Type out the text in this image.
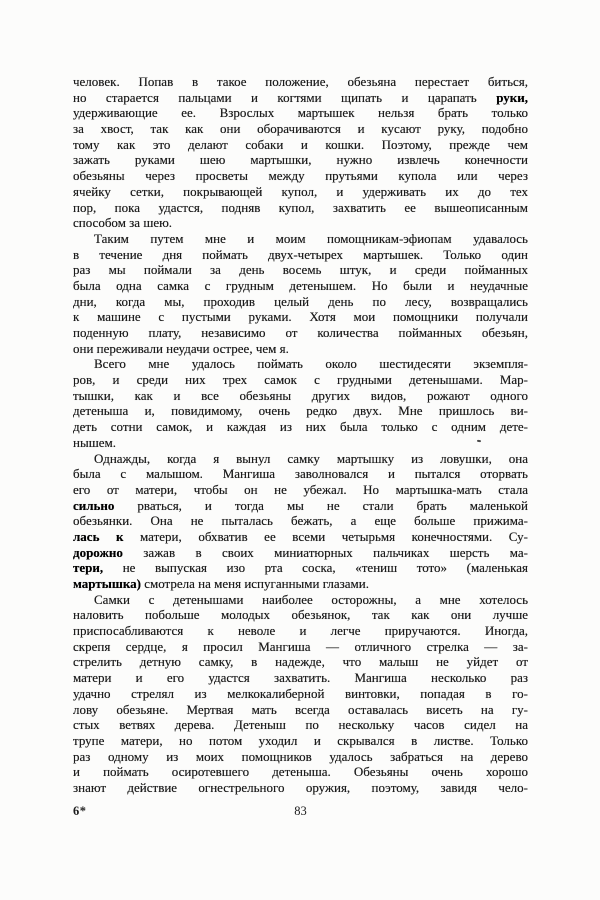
человек. Попав в такое положение, обезьяна перестает биться,
но старается пальцами и когтями щипать и царапать руки,
удерживающие ее. Взрослых мартышек нельзя брать только
за хвост, так как они оборачиваются и кусают руку, подобно
тому как это делают собаки и кошки. Поэтому, прежде чем
зажать руками шею мартышки, нужно извлечь конечности
обезьяны через просветы между прутьями купола или через
ячейку сетки, покрывающей купол, и удерживать их до тех
пор, пока удастся, подняв купол, захватить ее вышеописанным
способом за шею.
Таким путем мне и моим помощникам-эфиопам удавалось
в течение дня поймать двух-четырех мартышек. Только один
раз мы поймали за день восемь штук, и среди пойманных
была одна самка с грудным детенышем. Но были и неудачные
дни, когда мы, проходив целый день по лесу, возвращались
к машине с пустыми руками. Хотя мои помощники получали
поденную плату, независимо от количества пойманных обезьян,
они переживали неудачи острее, чем я.
Всего мне удалось поймать около шестидесяти экземпля-
ров, и среди них трех самок с грудными детенышами. Мар-
тышки, как и все обезьяны других видов, рожают одного
детеныша и, повидимому, очень редко двух. Мне пришлось ви-
деть сотни самок, и каждая из них была только с одним дете-
нышем.
Однажды, когда я вынул самку мартышку из ловушки, она
была с малышом. Мангиша заволновался и пытался оторвать
его от матери, чтобы он не убежал. Но мартышка-мать стала
сильно рваться, и тогда мы не стали брать маленькой
обезьянки. Она не пыталась бежать, а еще больше прижима-
лась к матери, обхватив ее всеми четырьмя конечностями. Су-
дорожно зажав в своих миниатюрных пальчиках шерсть ма-
тери, не выпуская изо рта соска, «тениш тото» (маленькая
мартышка) смотрела на меня испуганными глазами.
Самки с детенышами наиболее осторожны, а мне хотелось
наловить побольше молодых обезьянок, так как они лучше
приспосабливаются к неволе и легче приручаются. Иногда,
скрепя сердце, я просил Мангиша — отличного стрелка — за-
стрелить детную самку, в надежде, что малыш не уйдет от
матери и его удастся захватить. Мангиша несколько раз
удачно стрелял из мелкокалиберной винтовки, попадая в го-
лову обезьяне. Мертвая мать всегда оставалась висеть на гу-
стых ветвях дерева. Детеныш по нескольку часов сидел на
трупе матери, но потом уходил и скрывался в листве. Только
раз одному из моих помощников удалось забраться на дерево
и поймать осиротевшего детеныша. Обезьяны очень хорошо
знают действие огнестрельного оружия, поэтому, завидя чело-
6*	83
